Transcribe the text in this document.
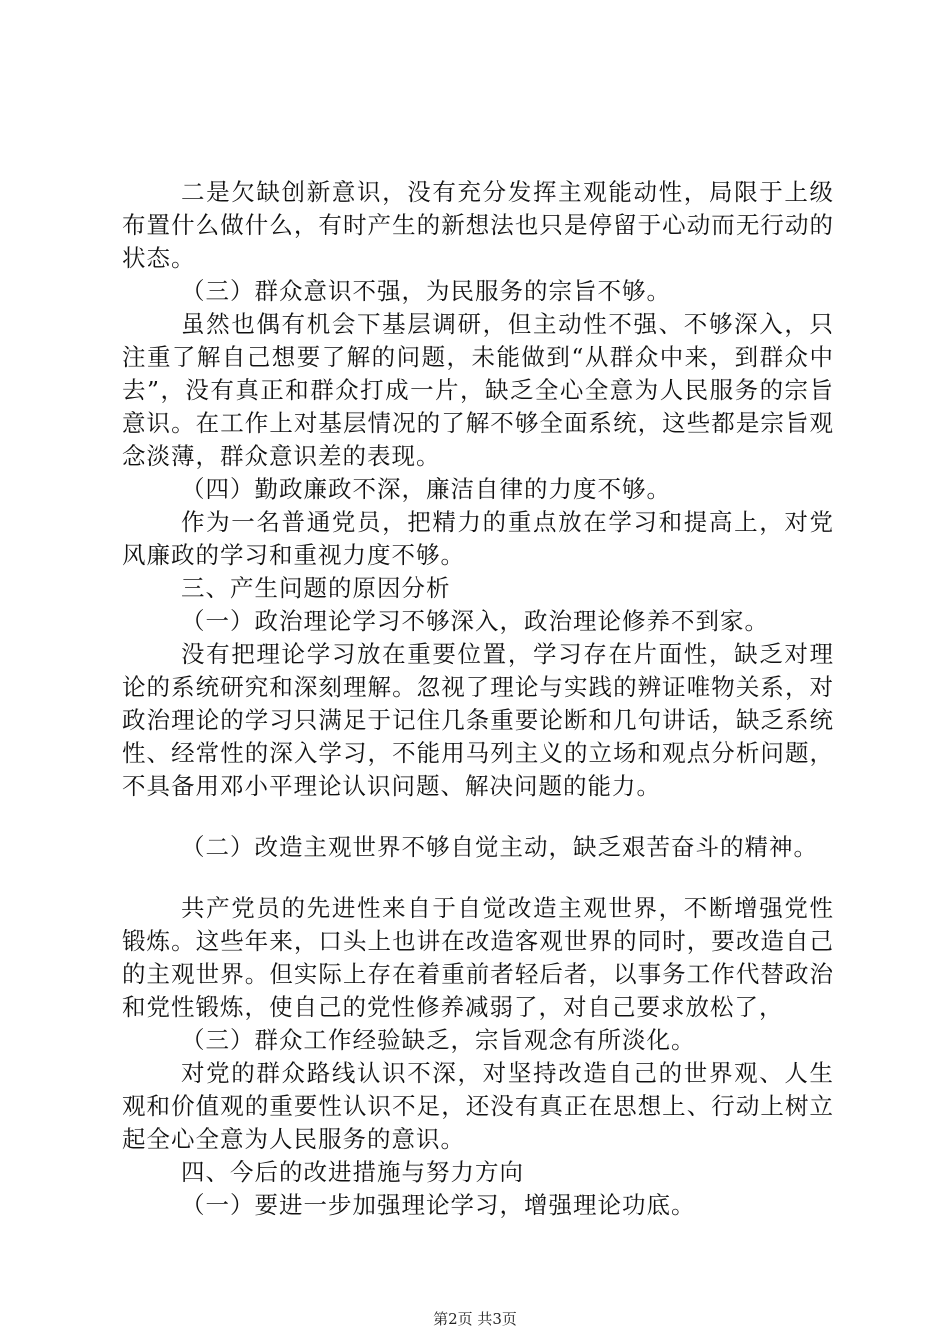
二是欠缺创新意识，没有充分发挥主观能动性，局限于上级布置什么做什么，有时产生的新想法也只是停留于心动而无行动的状态。

（三）群众意识不强，为民服务的宗旨不够。

虽然也偶有机会下基层调研，但主动性不强、不够深入，只注重了解自己想要了解的问题，未能做到“从群众中来，到群众中去”，没有真正和群众打成一片，缺乏全心全意为人民服务的宗旨意识。在工作上对基层情况的了解不够全面系统，这些都是宗旨观念淡薄，群众意识差的表现。

（四）勤政廉政不深，廉洁自律的力度不够。

作为一名普通党员，把精力的重点放在学习和提高上，对党风廉政的学习和重视力度不够。

三、产生问题的原因分析

（一）政治理论学习不够深入，政治理论修养不到家。

没有把理论学习放在重要位置，学习存在片面性，缺乏对理论的系统研究和深刻理解。忽视了理论与实践的辨证唯物关系，对政治理论的学习只满足于记住几条重要论断和几句讲话，缺乏系统性、经常性的深入学习，不能用马列主义的立场和观点分析问题，不具备用邓小平理论认识问题、解决问题的能力。

（二）改造主观世界不够自觉主动，缺乏艰苦奋斗的精神。

共产党员的先进性来自于自觉改造主观世界，不断增强党性锻炼。这些年来，口头上也讲在改造客观世界的同时，要改造自己的主观世界。但实际上存在着重前者轻后者，以事务工作代替政治和党性锻炼，使自己的党性修养减弱了，对自己要求放松了，

（三）群众工作经验缺乏，宗旨观念有所淡化。

对党的群众路线认识不深，对坚持改造自己的世界观、人生观和价值观的重要性认识不足，还没有真正在思想上、行动上树立起全心全意为人民服务的意识。

四、今后的改进措施与努力方向

（一）要进一步加强理论学习，增强理论功底。

第2页 共3页
